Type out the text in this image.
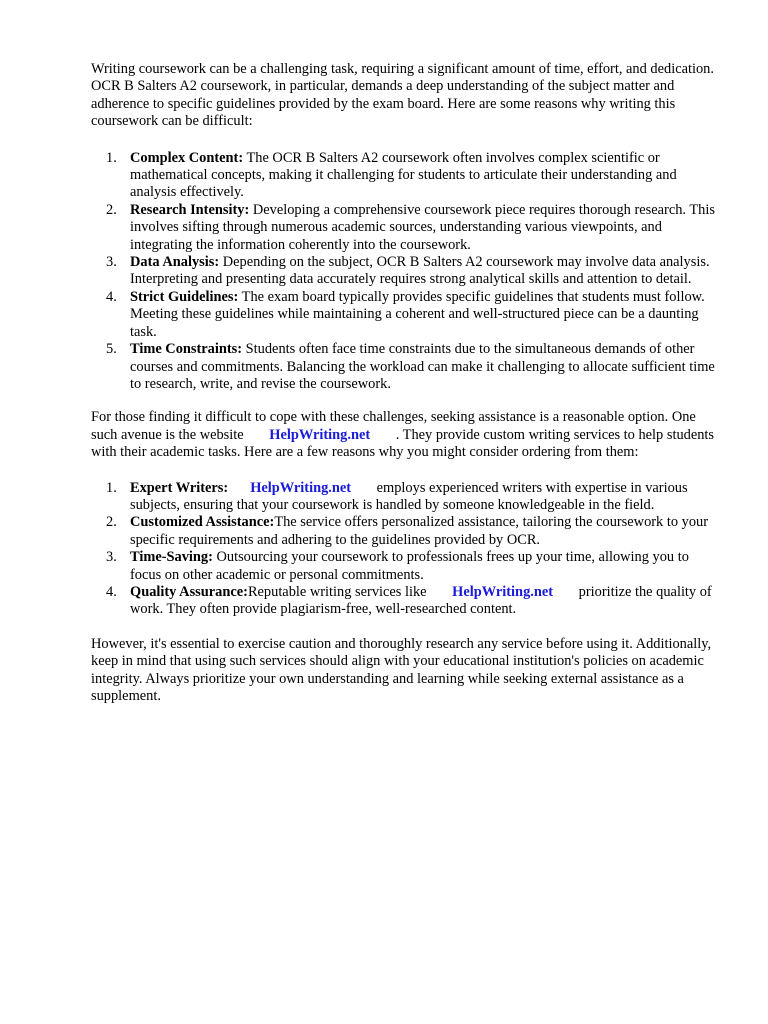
Writing coursework can be a challenging task, requiring a significant amount of time, effort, and dedication. OCR B Salters A2 coursework, in particular, demands a deep understanding of the subject matter and adherence to specific guidelines provided by the exam board. Here are some reasons why writing this coursework can be difficult:

1. Complex Content: The OCR B Salters A2 coursework often involves complex scientific or mathematical concepts, making it challenging for students to articulate their understanding and analysis effectively.
2. Research Intensity: Developing a comprehensive coursework piece requires thorough research. This involves sifting through numerous academic sources, understanding various viewpoints, and integrating the information coherently into the coursework.
3. Data Analysis: Depending on the subject, OCR B Salters A2 coursework may involve data analysis. Interpreting and presenting data accurately requires strong analytical skills and attention to detail.
4. Strict Guidelines: The exam board typically provides specific guidelines that students must follow. Meeting these guidelines while maintaining a coherent and well-structured piece can be a daunting task.
5. Time Constraints: Students often face time constraints due to the simultaneous demands of other courses and commitments. Balancing the workload can make it challenging to allocate sufficient time to research, write, and revise the coursework.

For those finding it difficult to cope with these challenges, seeking assistance is a reasonable option. One such avenue is the website HelpWriting.net . They provide custom writing services to help students with their academic tasks. Here are a few reasons why you might consider ordering from them:

1. Expert Writers: HelpWriting.net employs experienced writers with expertise in various subjects, ensuring that your coursework is handled by someone knowledgeable in the field.
2. Customized Assistance:The service offers personalized assistance, tailoring the coursework to your specific requirements and adhering to the guidelines provided by OCR.
3. Time-Saving: Outsourcing your coursework to professionals frees up your time, allowing you to focus on other academic or personal commitments.
4. Quality Assurance:Reputable writing services like HelpWriting.net prioritize the quality of work. They often provide plagiarism-free, well-researched content.

However, it's essential to exercise caution and thoroughly research any service before using it. Additionally, keep in mind that using such services should align with your educational institution's policies on academic integrity. Always prioritize your own understanding and learning while seeking external assistance as a supplement.
